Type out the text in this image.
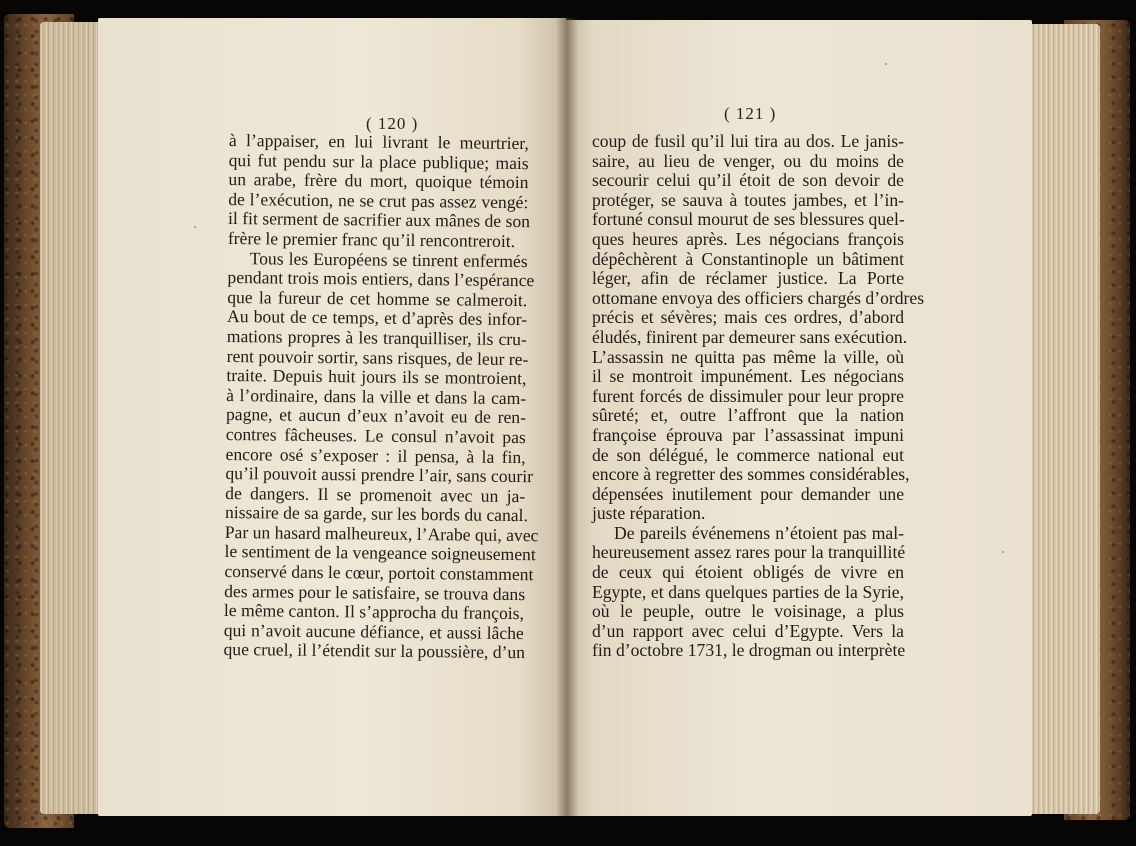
( 120 )
( 121 )
à l’appaiser, en lui livrant le meurtrier,
qui fut pendu sur la place publique; mais
un arabe, frère du mort, quoique témoin
de l’exécution, ne se crut pas assez vengé:
il fit serment de sacrifier aux mânes de son
frère le premier franc qu’il rencontreroit.
Tous les Européens se tinrent enfermés
pendant trois mois entiers, dans l’espérance
que la fureur de cet homme se calmeroit.
Au bout de ce temps, et d’après des infor-
mations propres à les tranquilliser, ils cru-
rent pouvoir sortir, sans risques, de leur re-
traite. Depuis huit jours ils se montroient,
à l’ordinaire, dans la ville et dans la cam-
pagne, et aucun d’eux n’avoit eu de ren-
contres fâcheuses. Le consul n’avoit pas
encore osé s’exposer : il pensa, à la fin,
qu’il pouvoit aussi prendre l’air, sans courir
de dangers. Il se promenoit avec un ja-
nissaire de sa garde, sur les bords du canal.
Par un hasard malheureux, l’Arabe qui, avec
le sentiment de la vengeance soigneusement
conservé dans le cœur, portoit constamment
des armes pour le satisfaire, se trouva dans
le même canton. Il s’approcha du françois,
qui n’avoit aucune défiance, et aussi lâche
que cruel, il l’étendit sur la poussière, d’un
coup de fusil qu’il lui tira au dos. Le janis-
saire, au lieu de venger, ou du moins de
secourir celui qu’il étoit de son devoir de
protéger, se sauva à toutes jambes, et l’in-
fortuné consul mourut de ses blessures quel-
ques heures après. Les négocians françois
dépêchèrent à Constantinople un bâtiment
léger, afin de réclamer justice. La Porte
ottomane envoya des officiers chargés d’ordres
précis et sévères; mais ces ordres, d’abord
éludés, finirent par demeurer sans exécution.
L’assassin ne quitta pas même la ville, où
il se montroit impunément. Les négocians
furent forcés de dissimuler pour leur propre
sûreté; et, outre l’affront que la nation
françoise éprouva par l’assassinat impuni
de son délégué, le commerce national eut
encore à regretter des sommes considérables,
dépensées inutilement pour demander une
juste réparation.
De pareils événemens n’étoient pas mal-
heureusement assez rares pour la tranquillité
de ceux qui étoient obligés de vivre en
Egypte, et dans quelques parties de la Syrie,
où le peuple, outre le voisinage, a plus
d’un rapport avec celui d’Egypte. Vers la
fin d’octobre 1731, le drogman ou interprète
